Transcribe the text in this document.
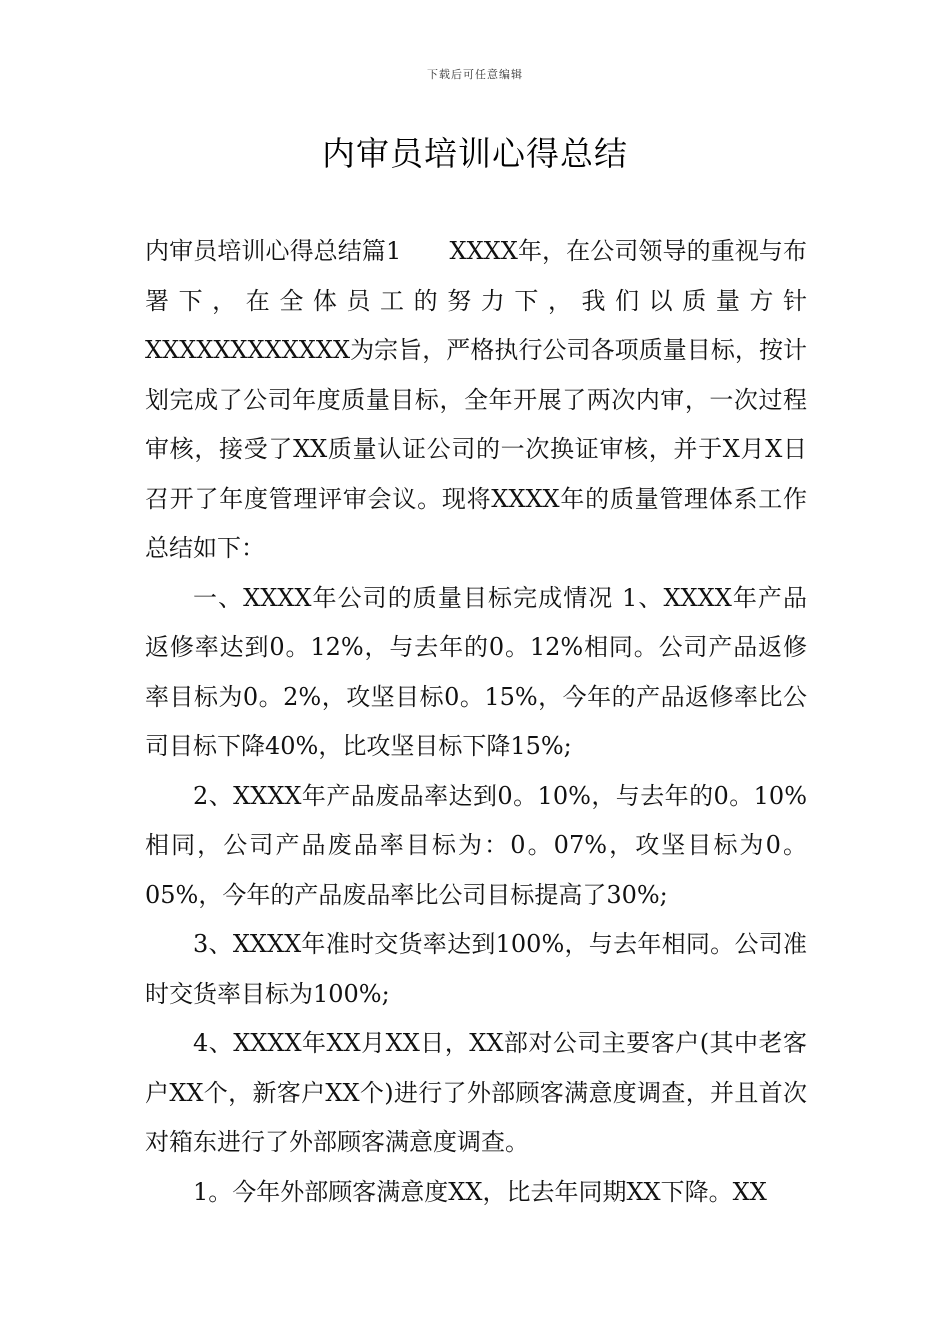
下载后可任意编辑
内审员培训心得总结

内审员培训心得总结篇1　　XXXX年，在公司领导的重视与布署下，在全体员工的努力下，我们以质量方针XXXXXXXXXXXX为宗旨，严格执行公司各项质量目标，按计划完成了公司年度质量目标，全年开展了两次内审，一次过程审核，接受了XX质量认证公司的一次换证审核，并于X月X日召开了年度管理评审会议。现将XXXX年的质量管理体系工作总结如下：

一、XXXX年公司的质量目标完成情况 1、XXXX年产品返修率达到0。12%，与去年的0。12%相同。公司产品返修率目标为0。2%，攻坚目标0。15%，今年的产品返修率比公司目标下降40%，比攻坚目标下降15%;

2、XXXX年产品废品率达到0。10%，与去年的0。10%相同，公司产品废品率目标为：0。07%，攻坚目标为0。05%，今年的产品废品率比公司目标提高了30%;

3、XXXX年准时交货率达到100%，与去年相同。公司准时交货率目标为100%;

4、XXXX年XX月XX日，XX部对公司主要客户(其中老客户XX个，新客户XX个)进行了外部顾客满意度调查，并且首次对箱东进行了外部顾客满意度调查。

1。今年外部顾客满意度XX，比去年同期XX下降。XX
